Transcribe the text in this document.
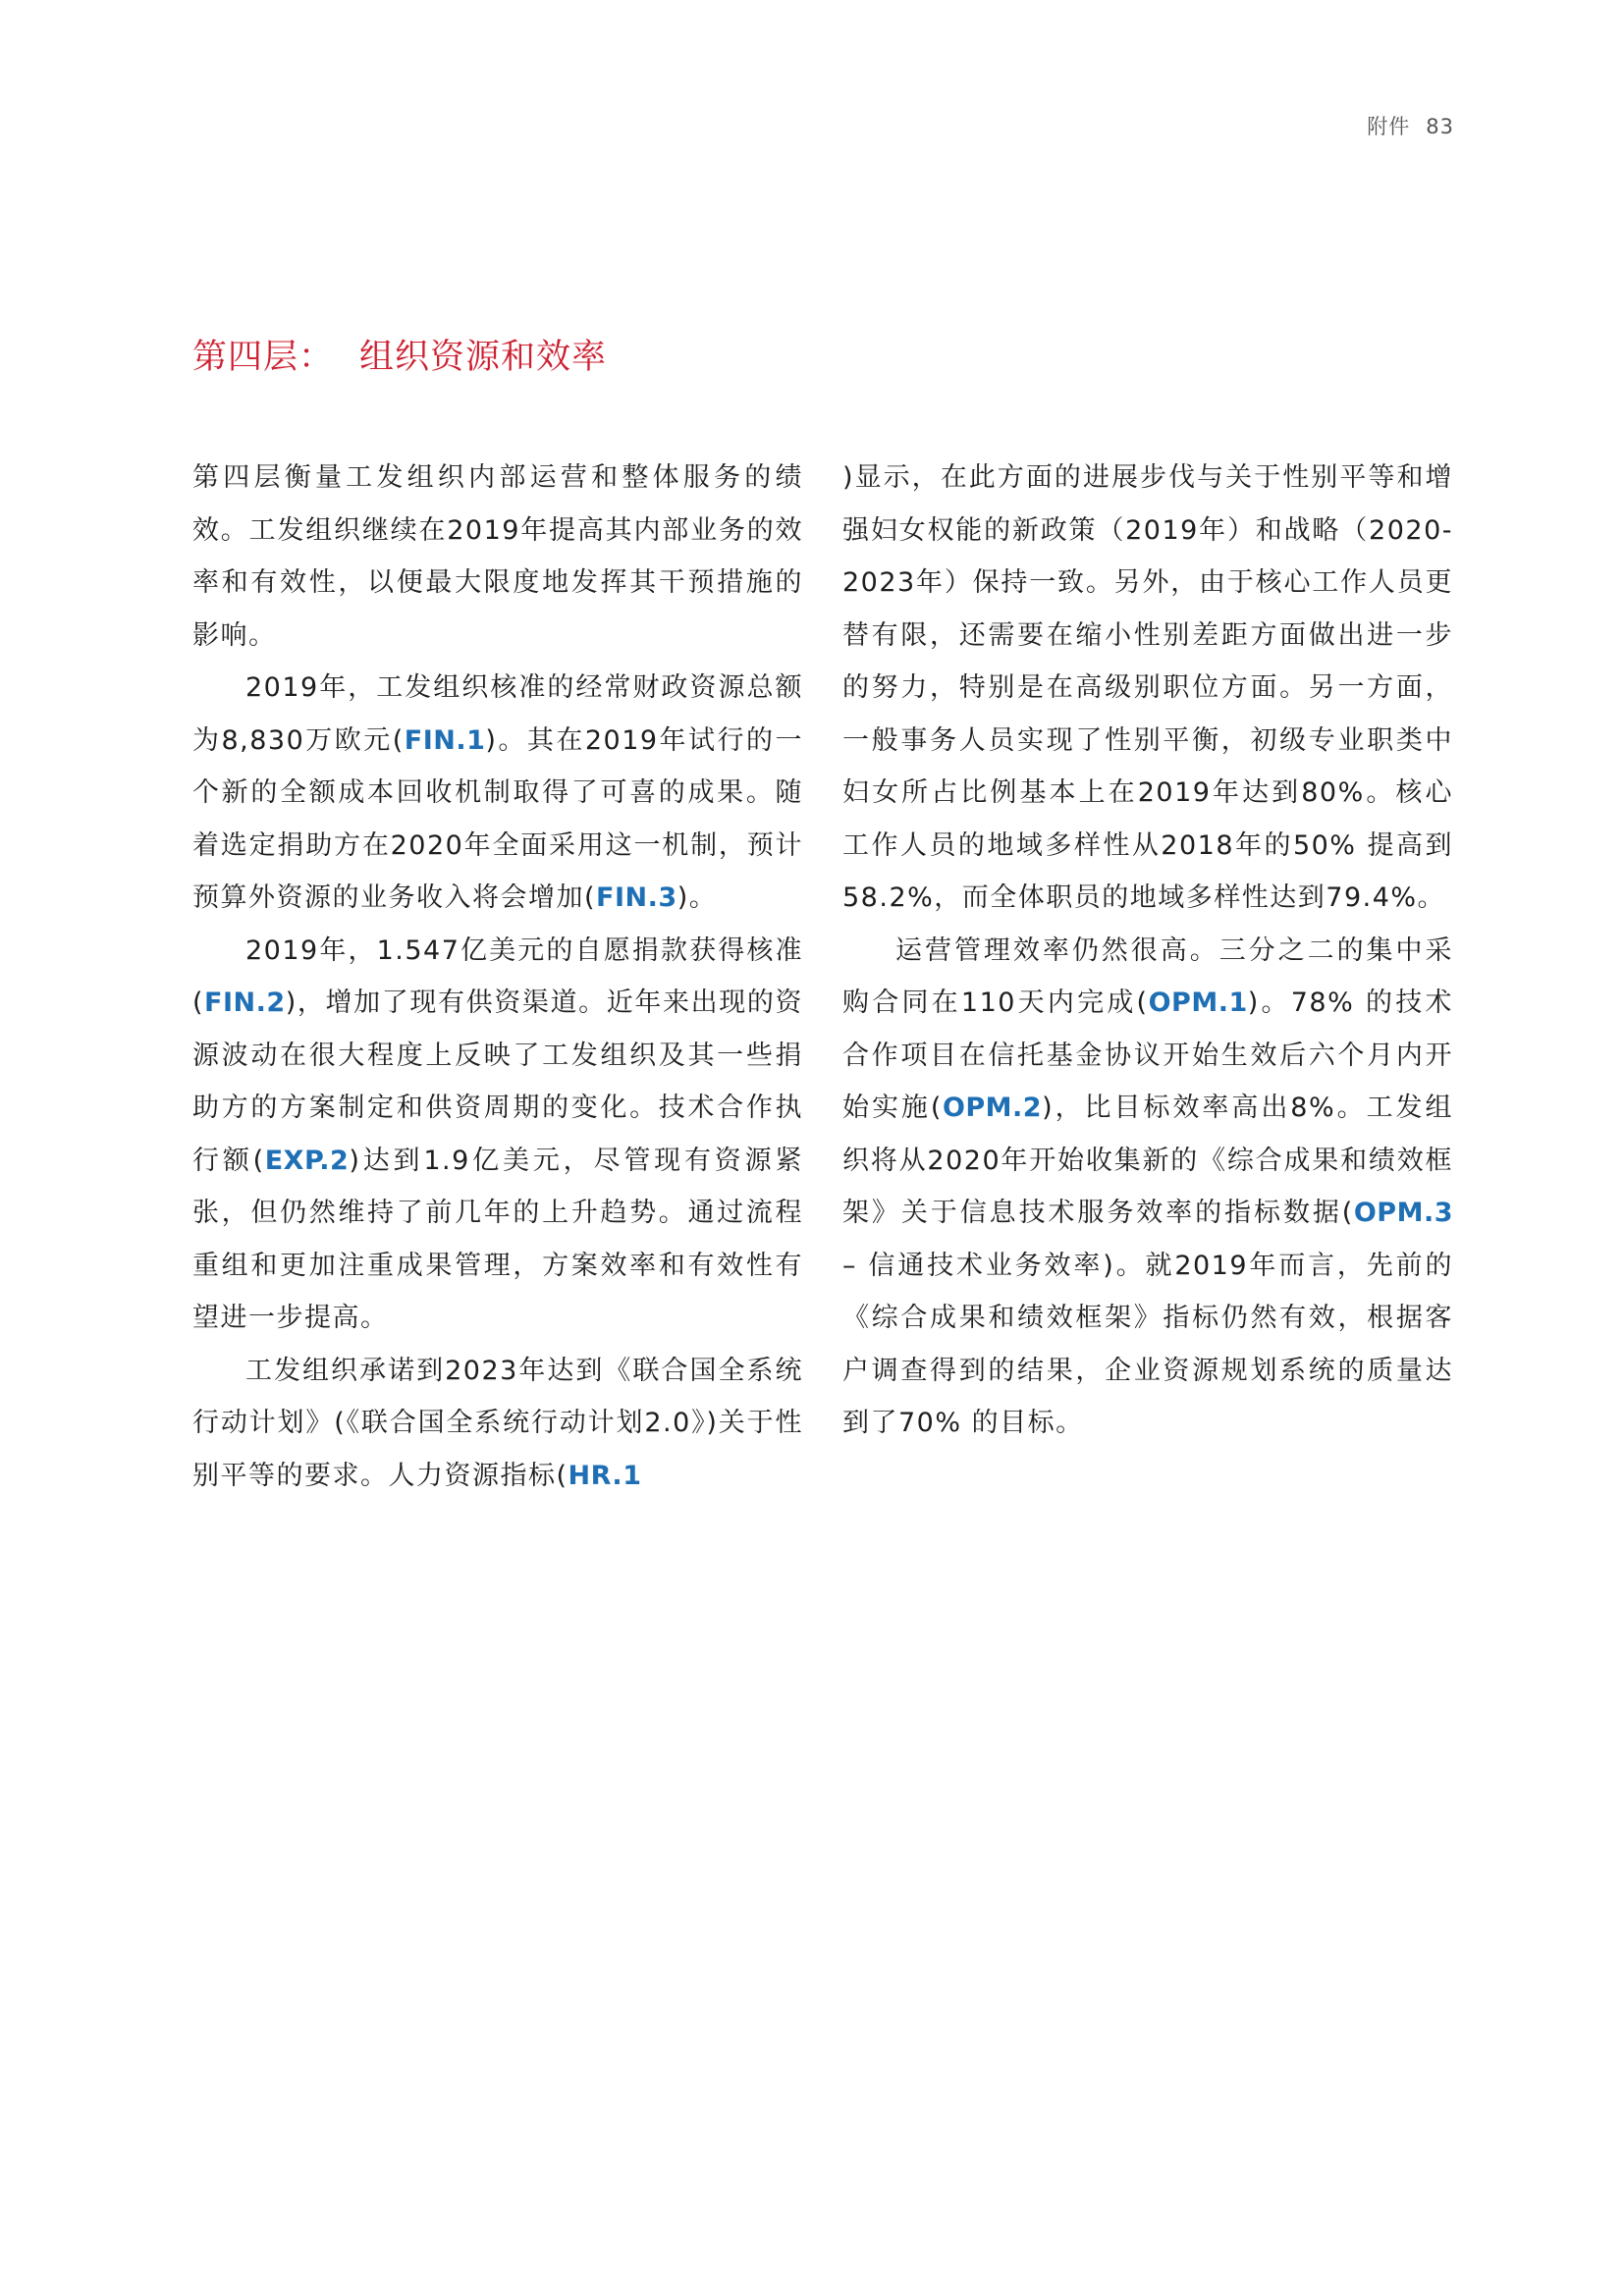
附件 83
第四层： 组织资源和效率

第四层衡量工发组织内部运营和整体服务的绩效。工发组织继续在2019年提高其内部业务的效率和有效性，以便最大限度地发挥其干预措施的影响。

2019年，工发组织核准的经常财政资源总额为8,830万欧元(FIN.1)。其在2019年试行的一个新的全额成本回收机制取得了可喜的成果。随着选定捐助方在2020年全面采用这一机制，预计预算外资源的业务收入将会增加(FIN.3)。

2019年，1.547亿美元的自愿捐款获得核准(FIN.2)，增加了现有供资渠道。近年来出现的资源波动在很大程度上反映了工发组织及其一些捐助方的方案制定和供资周期的变化。技术合作执行额(EXP.2)达到1.9亿美元，尽管现有资源紧张，但仍然维持了前几年的上升趋势。通过流程重组和更加注重成果管理，方案效率和有效性有望进一步提高。

工发组织承诺到2023年达到《联合国全系统行动计划》(《联合国全系统行动计划2.0》)关于性别平等的要求。人力资源指标(HR.1

)显示，在此方面的进展步伐与关于性别平等和增强妇女权能的新政策（2019年）和战略（2020-2023年）保持一致。另外，由于核心工作人员更替有限，还需要在缩小性别差距方面做出进一步的努力，特别是在高级别职位方面。另一方面，一般事务人员实现了性别平衡，初级专业职类中妇女所占比例基本上在2019年达到80%。核心工作人员的地域多样性从2018年的50% 提高到58.2%，而全体职员的地域多样性达到79.4%。

运营管理效率仍然很高。三分之二的集中采购合同在110天内完成(OPM.1)。78% 的技术合作项目在信托基金协议开始生效后六个月内开始实施(OPM.2)，比目标效率高出8%。工发组织将从2020年开始收集新的《综合成果和绩效框架》关于信息技术服务效率的指标数据(OPM.3 – 信通技术业务效率)。就2019年而言，先前的《综合成果和绩效框架》指标仍然有效，根据客户调查得到的结果，企业资源规划系统的质量达到了70% 的目标。
